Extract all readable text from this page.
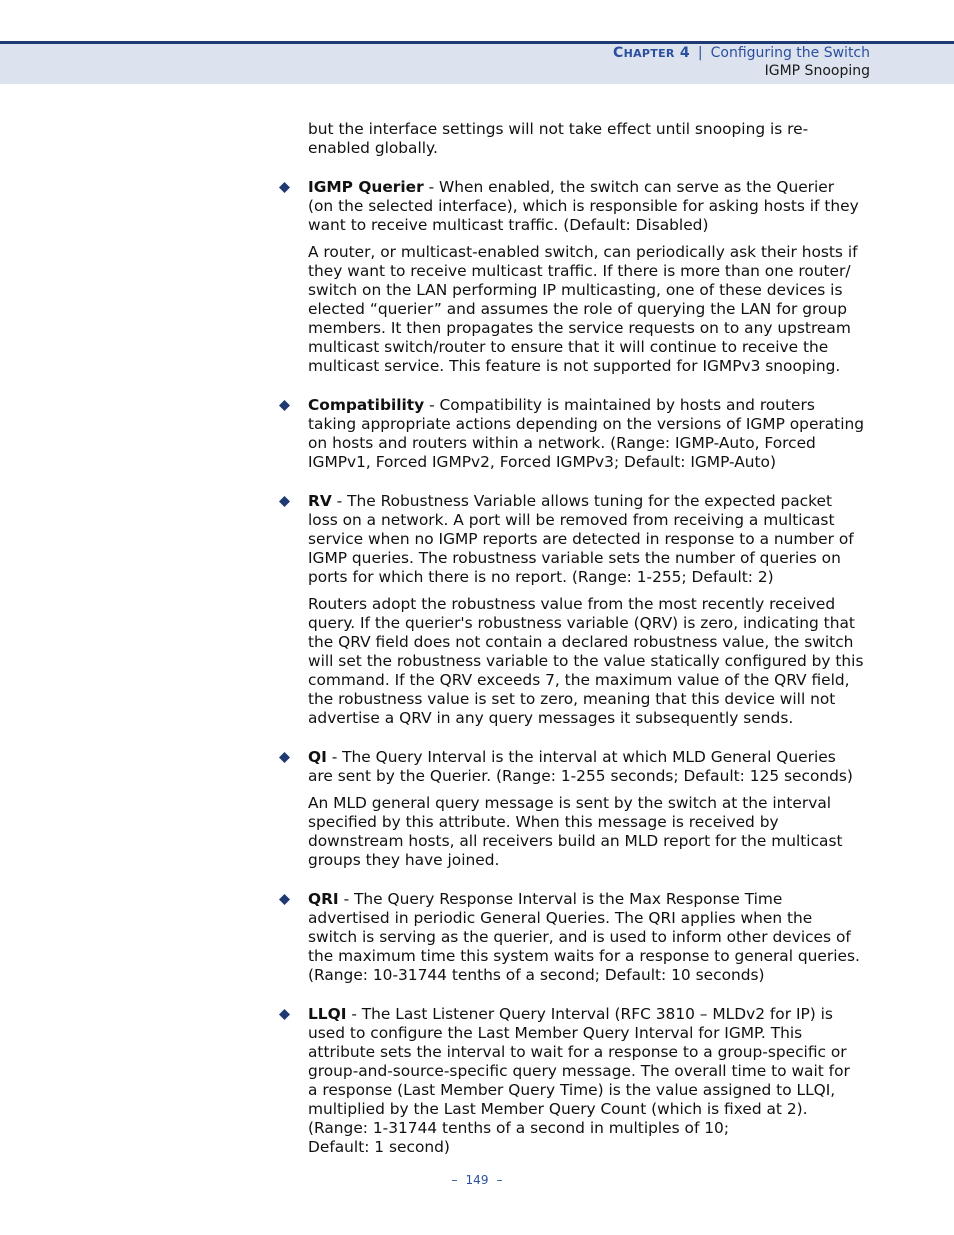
CHAPTER 4 | Configuring the Switch
IGMP Snooping
but the interface settings will not take effect until snooping is re-
enabled globally.
IGMP Querier - When enabled, the switch can serve as the Querier
(on the selected interface), which is responsible for asking hosts if they
want to receive multicast traffic. (Default: Disabled)
A router, or multicast-enabled switch, can periodically ask their hosts if
they want to receive multicast traffic. If there is more than one router/
switch on the LAN performing IP multicasting, one of these devices is
elected “querier” and assumes the role of querying the LAN for group
members. It then propagates the service requests on to any upstream
multicast switch/router to ensure that it will continue to receive the
multicast service. This feature is not supported for IGMPv3 snooping.
Compatibility - Compatibility is maintained by hosts and routers
taking appropriate actions depending on the versions of IGMP operating
on hosts and routers within a network. (Range: IGMP-Auto, Forced
IGMPv1, Forced IGMPv2, Forced IGMPv3; Default: IGMP-Auto)
RV - The Robustness Variable allows tuning for the expected packet
loss on a network. A port will be removed from receiving a multicast
service when no IGMP reports are detected in response to a number of
IGMP queries. The robustness variable sets the number of queries on
ports for which there is no report. (Range: 1-255; Default: 2)
Routers adopt the robustness value from the most recently received
query. If the querier's robustness variable (QRV) is zero, indicating that
the QRV field does not contain a declared robustness value, the switch
will set the robustness variable to the value statically configured by this
command. If the QRV exceeds 7, the maximum value of the QRV field,
the robustness value is set to zero, meaning that this device will not
advertise a QRV in any query messages it subsequently sends.
QI - The Query Interval is the interval at which MLD General Queries
are sent by the Querier. (Range: 1-255 seconds; Default: 125 seconds)
An MLD general query message is sent by the switch at the interval
specified by this attribute. When this message is received by
downstream hosts, all receivers build an MLD report for the multicast
groups they have joined.
QRI - The Query Response Interval is the Max Response Time
advertised in periodic General Queries. The QRI applies when the
switch is serving as the querier, and is used to inform other devices of
the maximum time this system waits for a response to general queries.
(Range: 10-31744 tenths of a second; Default: 10 seconds)
LLQI - The Last Listener Query Interval (RFC 3810 – MLDv2 for IP) is
used to configure the Last Member Query Interval for IGMP. This
attribute sets the interval to wait for a response to a group-specific or
group-and-source-specific query message. The overall time to wait for
a response (Last Member Query Time) is the value assigned to LLQI,
multiplied by the Last Member Query Count (which is fixed at 2).
(Range: 1-31744 tenths of a second in multiples of 10;
Default: 1 second)
– 149 –
